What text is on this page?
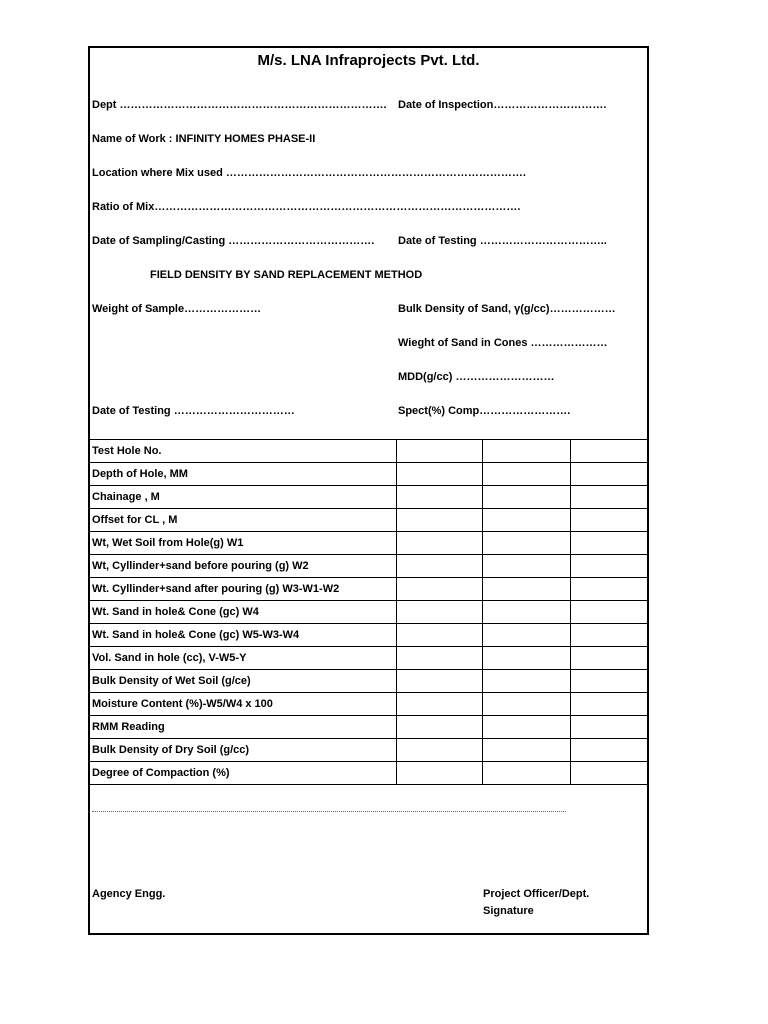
M/s. LNA Infraprojects Pvt. Ltd.
Dept ………………………………………………………………. Date of Inspection………………………….
Name of Work : INFINITY HOMES PHASE-II
Location where Mix used ……………………………………………………………………….
Ratio of Mix……………………………………………………………………………………….
Date of Sampling/Casting …………………………………. Date of Testing ……………………………..
FIELD DENSITY BY SAND REPLACEMENT METHOD
Weight of Sample…………………	Bulk Density of Sand, γ(g/cc)………………
Wieght of Sand in Cones …………………
MDD(g/cc) ………………………
Date of Testing ……………………………	Spect(%) Comp…………………….
Test Hole No.			
Depth of Hole, MM			
Chainage , M			
Offset for CL , M			
Wt, Wet Soil from Hole(g) W1			
Wt, Cyllinder+sand before pouring (g) W2			
Wt. Cyllinder+sand after pouring (g) W3-W1-W2			
Wt. Sand in hole& Cone (gc) W4			
Wt. Sand in hole& Cone (gc) W5-W3-W4			
Vol. Sand in hole (cc), V-W5-Y			
Bulk Density of Wet Soil (g/ce)			
Moisture Content (%)-W5/W4 x 100			
RMM Reading			
Bulk Density of Dry Soil (g/cc)			
Degree of Compaction (%)			
Agency Engg.	Project Officer/Dept.
Signature
